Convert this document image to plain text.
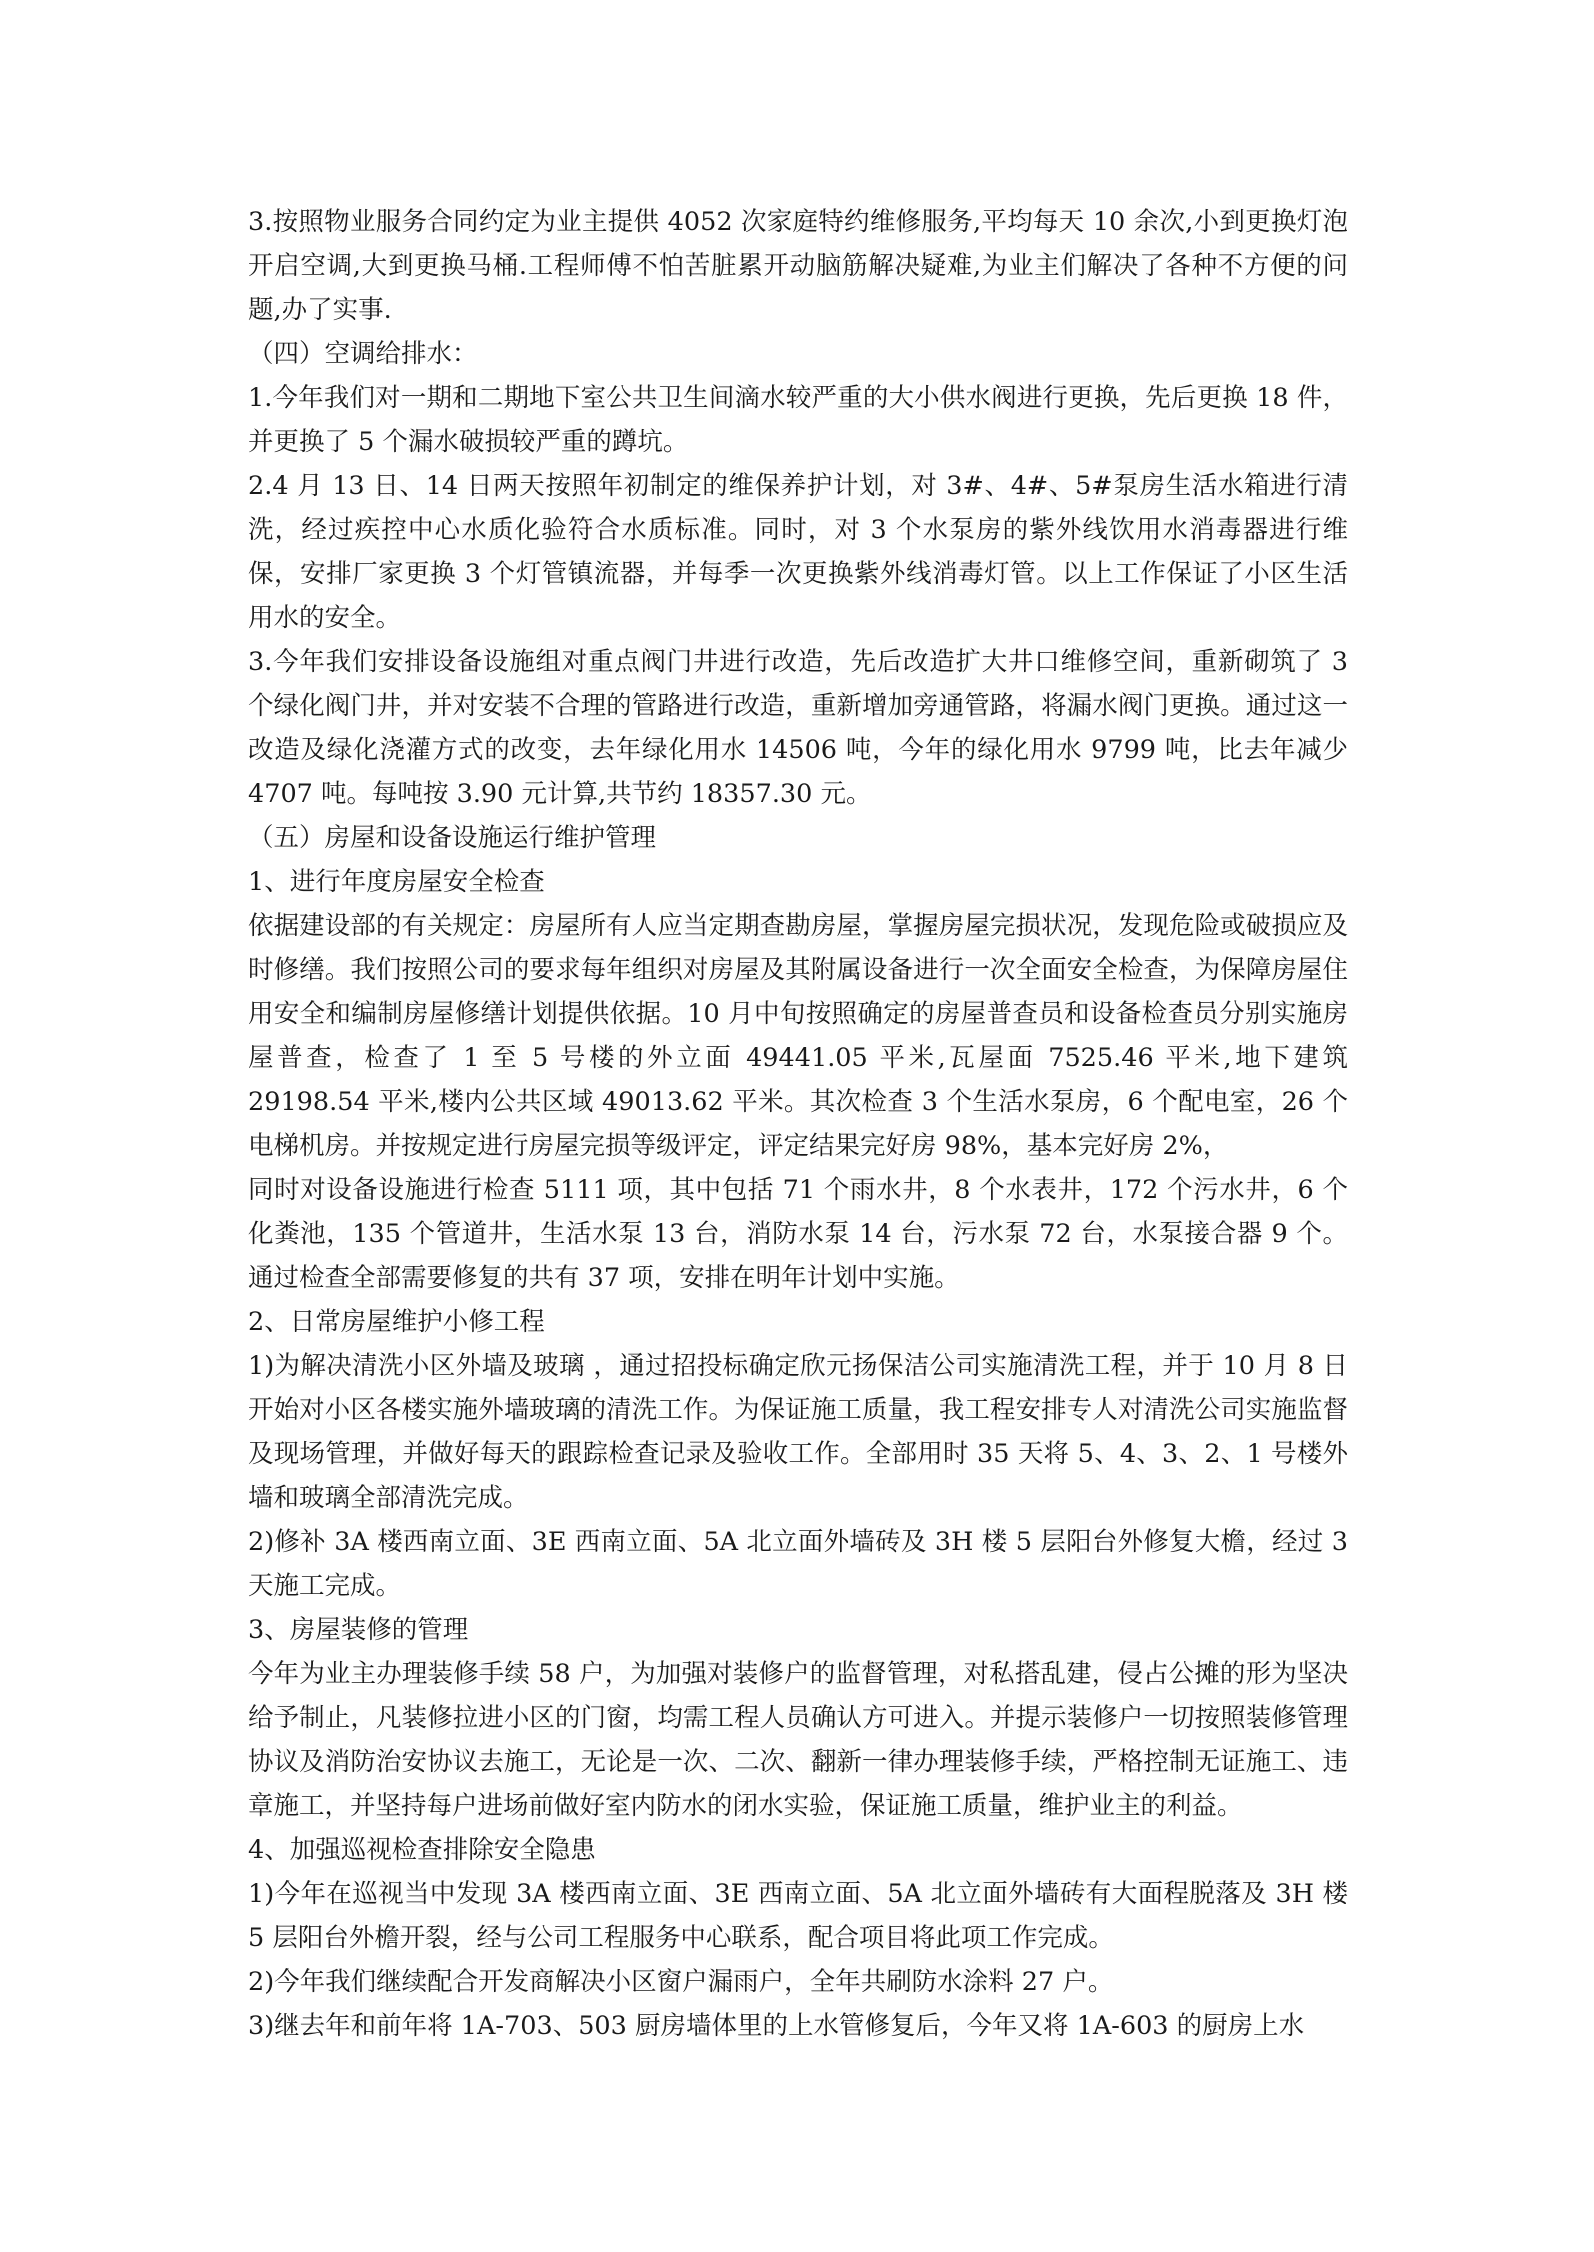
3.按照物业服务合同约定为业主提供 4052 次家庭特约维修服务,平均每天 10 余次,小到更换灯泡开启空调,大到更换马桶.工程师傅不怕苦脏累开动脑筋解决疑难,为业主们解决了各种不方便的问题,办了实事.

（四）空调给排水：

1.今年我们对一期和二期地下室公共卫生间滴水较严重的大小供水阀进行更换，先后更换 18 件，并更换了 5 个漏水破损较严重的蹲坑。

2.4 月 13 日、14 日两天按照年初制定的维保养护计划，对 3#、4#、5#泵房生活水箱进行清洗，经过疾控中心水质化验符合水质标准。同时，对 3 个水泵房的紫外线饮用水消毒器进行维保，安排厂家更换 3 个灯管镇流器，并每季一次更换紫外线消毒灯管。以上工作保证了小区生活用水的安全。

3.今年我们安排设备设施组对重点阀门井进行改造，先后改造扩大井口维修空间，重新砌筑了 3 个绿化阀门井，并对安装不合理的管路进行改造，重新增加旁通管路，将漏水阀门更换。通过这一改造及绿化浇灌方式的改变，去年绿化用水 14506 吨，今年的绿化用水 9799 吨，比去年减少 4707 吨。每吨按 3.90 元计算,共节约 18357.30 元。

（五）房屋和设备设施运行维护管理

1、进行年度房屋安全检查

依据建设部的有关规定：房屋所有人应当定期查勘房屋，掌握房屋完损状况，发现危险或破损应及时修缮。我们按照公司的要求每年组织对房屋及其附属设备进行一次全面安全检查，为保障房屋住用安全和编制房屋修缮计划提供依据。10 月中旬按照确定的房屋普查员和设备检查员分别实施房屋普查，检查了 1 至 5 号楼的外立面 49441.05 平米,瓦屋面 7525.46 平米,地下建筑 29198.54 平米,楼内公共区域 49013.62 平米。其次检查 3 个生活水泵房，6 个配电室，26 个电梯机房。并按规定进行房屋完损等级评定，评定结果完好房 98%，基本完好房 2%，

同时对设备设施进行检查 5111 项，其中包括 71 个雨水井，8 个水表井，172 个污水井，6 个化粪池，135 个管道井，生活水泵 13 台，消防水泵 14 台，污水泵 72 台，水泵接合器 9 个。通过检查全部需要修复的共有 37 项，安排在明年计划中实施。

2、日常房屋维护小修工程

1)为解决清洗小区外墙及玻璃 ，通过招投标确定欣元扬保洁公司实施清洗工程，并于 10 月 8 日开始对小区各楼实施外墙玻璃的清洗工作。为保证施工质量，我工程安排专人对清洗公司实施监督及现场管理，并做好每天的跟踪检查记录及验收工作。全部用时 35 天将 5、4、3、2、1 号楼外墙和玻璃全部清洗完成。

2)修补 3A 楼西南立面、3E 西南立面、5A 北立面外墙砖及 3H 楼 5 层阳台外修复大檐，经过 3 天施工完成。

3、房屋装修的管理

今年为业主办理装修手续 58 户，为加强对装修户的监督管理，对私搭乱建，侵占公摊的形为坚决给予制止，凡装修拉进小区的门窗，均需工程人员确认方可进入。并提示装修户一切按照装修管理协议及消防治安协议去施工，无论是一次、二次、翻新一律办理装修手续，严格控制无证施工、违章施工，并坚持每户进场前做好室内防水的闭水实验，保证施工质量，维护业主的利益。

4、加强巡视检查排除安全隐患

1)今年在巡视当中发现 3A 楼西南立面、3E 西南立面、5A 北立面外墙砖有大面程脱落及 3H 楼 5 层阳台外檐开裂，经与公司工程服务中心联系，配合项目将此项工作完成。

2)今年我们继续配合开发商解决小区窗户漏雨户，全年共刷防水涂料 27 户。

3)继去年和前年将 1A-703、503 厨房墙体里的上水管修复后，今年又将 1A-603 的厨房上水
